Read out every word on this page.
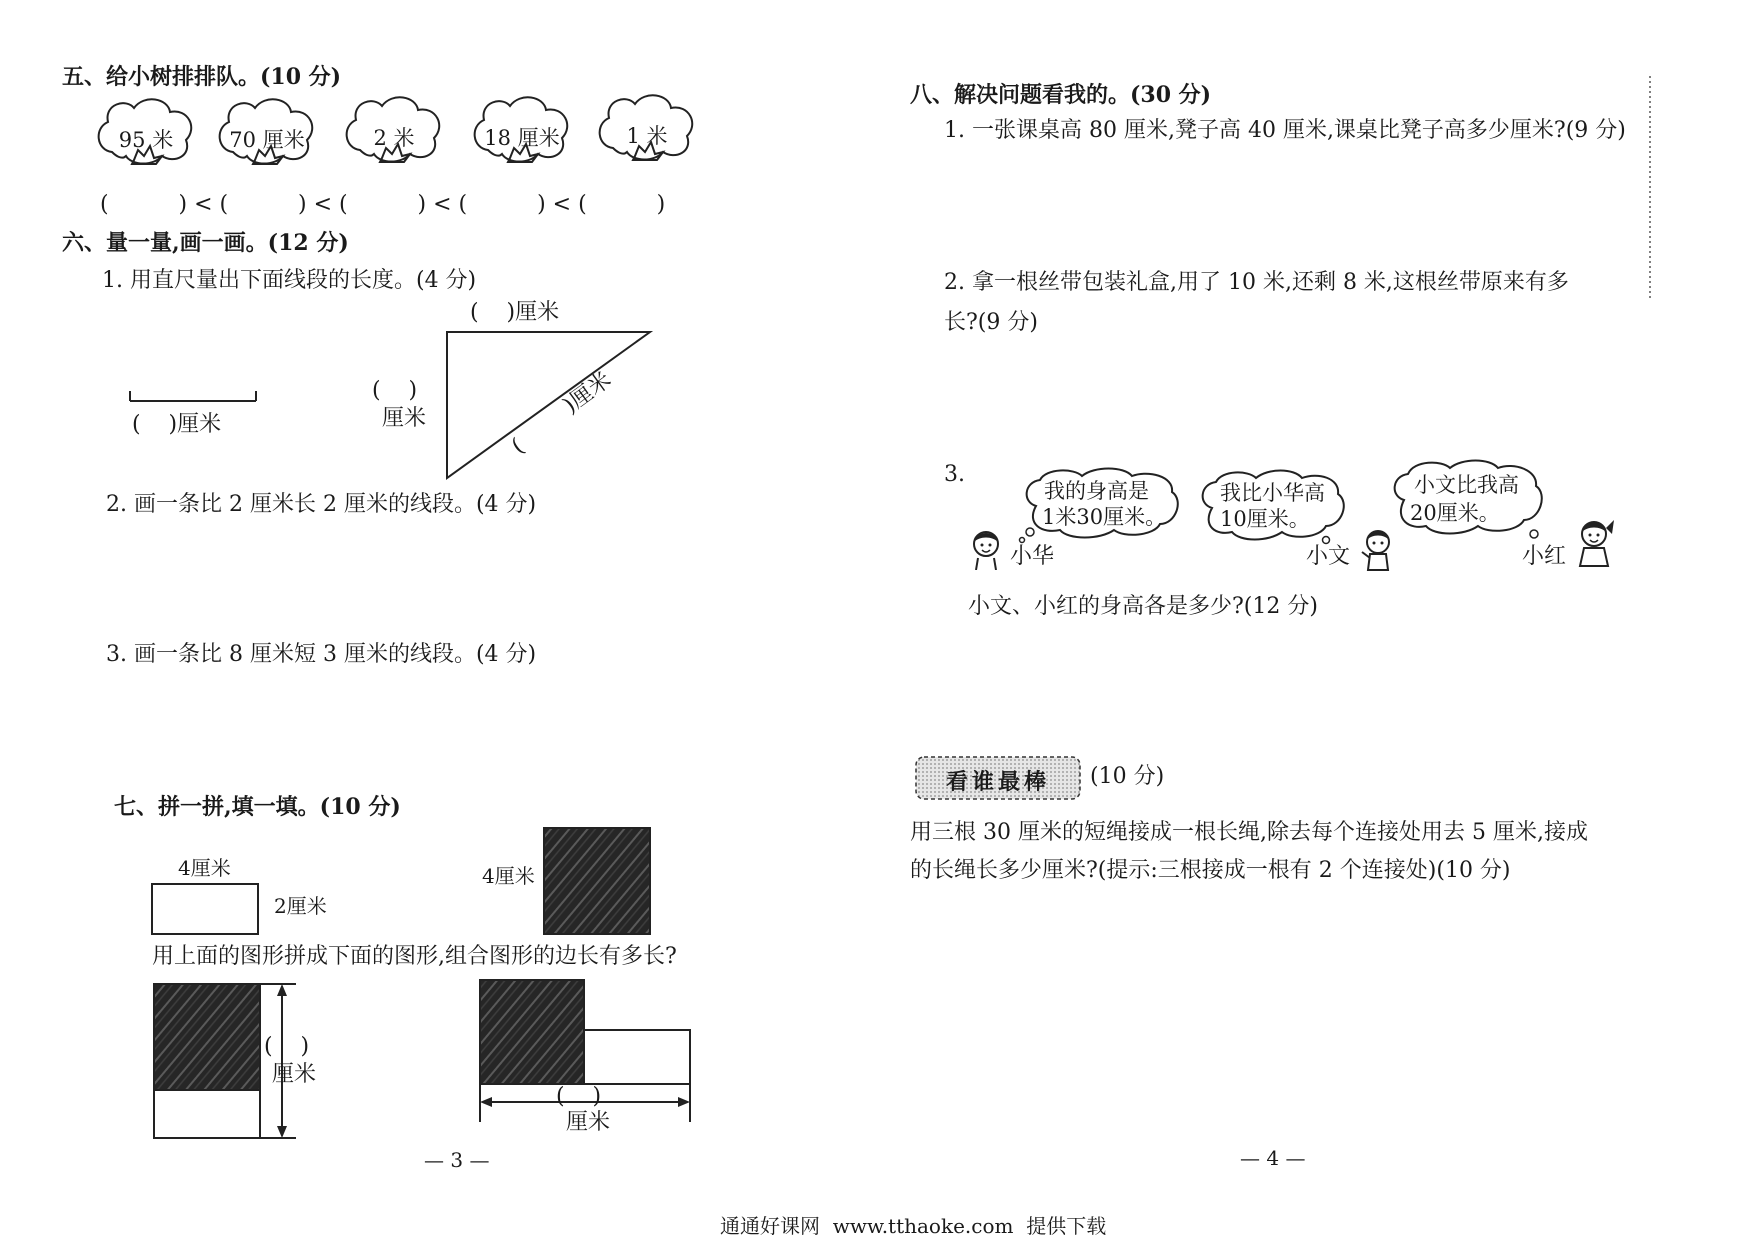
五、给小树排排队。(10 分)
95 米	70 厘米	2 米	18 厘米	1 米
(          ) < (          ) < (          ) < (          ) < (          )
六、量一量,画一画。(12 分)
1. 用直尺量出下面线段的长度。(4 分)
(    )厘米
(    )厘米
(    )
厘米	)厘米
(
2. 画一条比 2 厘米长 2 厘米的线段。(4 分)
3. 画一条比 8 厘米短 3 厘米的线段。(4 分)
七、拼一拼,填一填。(10 分)
4厘米
2厘米
4厘米
用上面的图形拼成下面的图形,组合图形的边长有多长?
(    )
厘米
(    )
厘米
— 3 —
八、解决问题看我的。(30 分)
1. 一张课桌高 80 厘米,凳子高 40 厘米,课桌比凳子高多少厘米?(9 分)
2. 拿一根丝带包装礼盒,用了 10 米,还剩 8 米,这根丝带原来有多
长?(9 分)
3.
我的身高是
1米30厘米。
我比小华高
10厘米。
小文比我高
20厘米。
小华	小文	小红
小文、小红的身高各是多少?(12 分)
看谁最棒	(10 分)
用三根 30 厘米的短绳接成一根长绳,除去每个连接处用去 5 厘米,接成
的长绳长多少厘米?(提示:三根接成一根有 2 个连接处)(10 分)
— 4 —
通通好课网  www.tthaoke.com  提供下载
